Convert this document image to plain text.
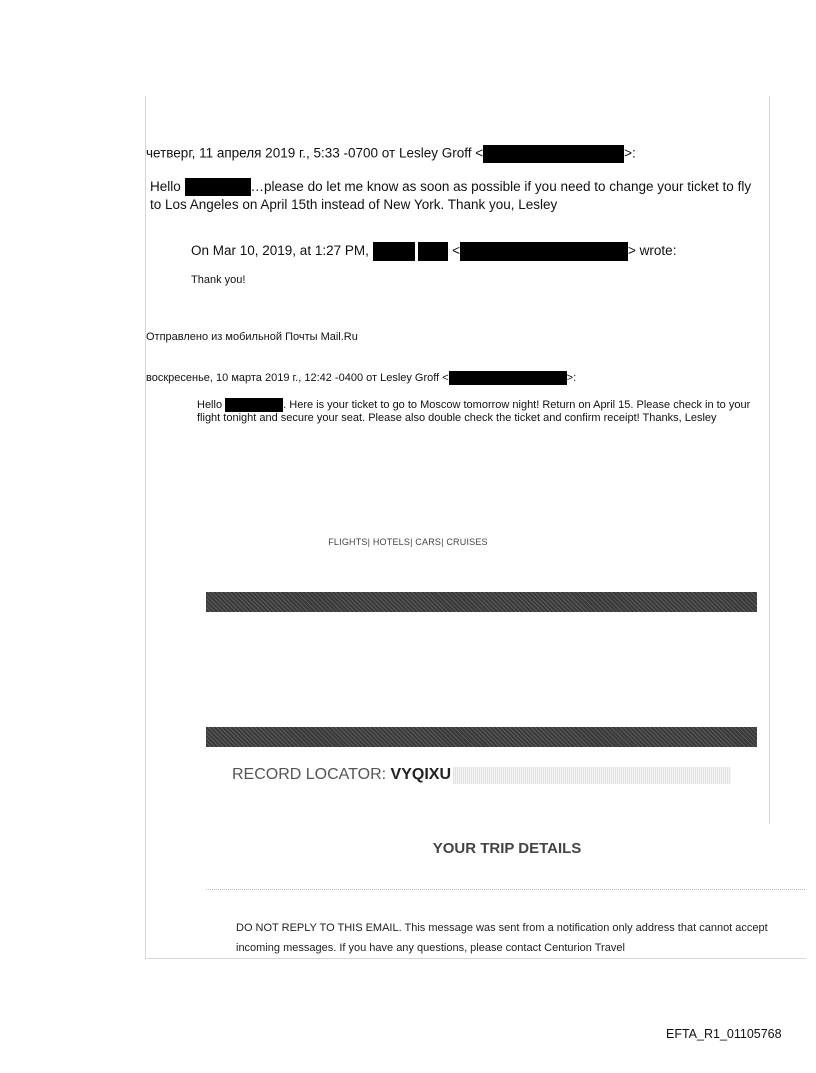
четверг, 11 апреля 2019 г., 5:33 -0700 от Lesley Groff <	>:
Hello	…please do let me know as soon as possible if you need to change your ticket to fly to Los Angeles on April 15th instead of New York. Thank you, Lesley
On Mar 10, 2019, at 1:27 PM,	<	> wrote:
Thank you!
Отправлено из мобильной Почты Mail.Ru
воскресенье, 10 марта 2019 г., 12:42 -0400 от Lesley Groff <	>:
Hello	. Here is your ticket to go to Moscow tomorrow night! Return on April 15. Please check in to your flight tonight and secure your seat. Please also double check the ticket and confirm receipt! Thanks, Lesley
FLIGHTS| HOTELS| CARS| CRUISES
RECORD LOCATOR: VYQIXU
YOUR TRIP DETAILS
DO NOT REPLY TO THIS EMAIL. This message was sent from a notification only address that cannot accept incoming messages. If you have any questions, please contact Centurion Travel
EFTA_R1_01105768
